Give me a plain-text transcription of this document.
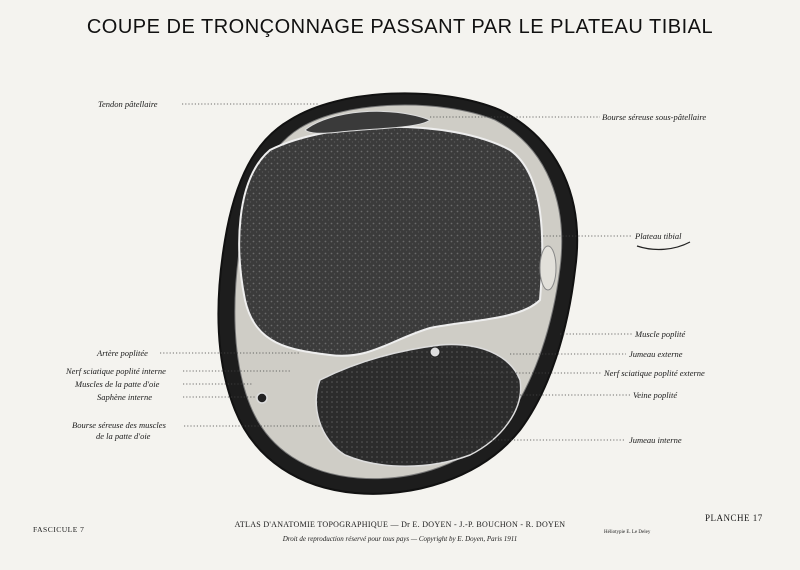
COUPE DE TRONÇONNAGE PASSANT PAR LE PLATEAU TIBIAL
Tendon pâtellaire
Artère poplitée
Nerf sciatique poplité interne
Muscles de la patte d'oie
Saphène interne
Bourse séreuse des muscles
de la patte d'oie
Bourse séreuse sous-pâtellaire
Plateau tibial
Muscle poplité
Jumeau externe
Nerf sciatique poplité externe
Veine poplité
Jumeau interne
FASCICULE 7
PLANCHE 17
ATLAS D'ANATOMIE TOPOGRAPHIQUE — Dr E. DOYEN - J.-P. BOUCHON - R. DOYEN
Droit de reproduction réservé pour tous pays — Copyright by E. Doyen, Paris 1911
Héliotypie E. Le Deley
